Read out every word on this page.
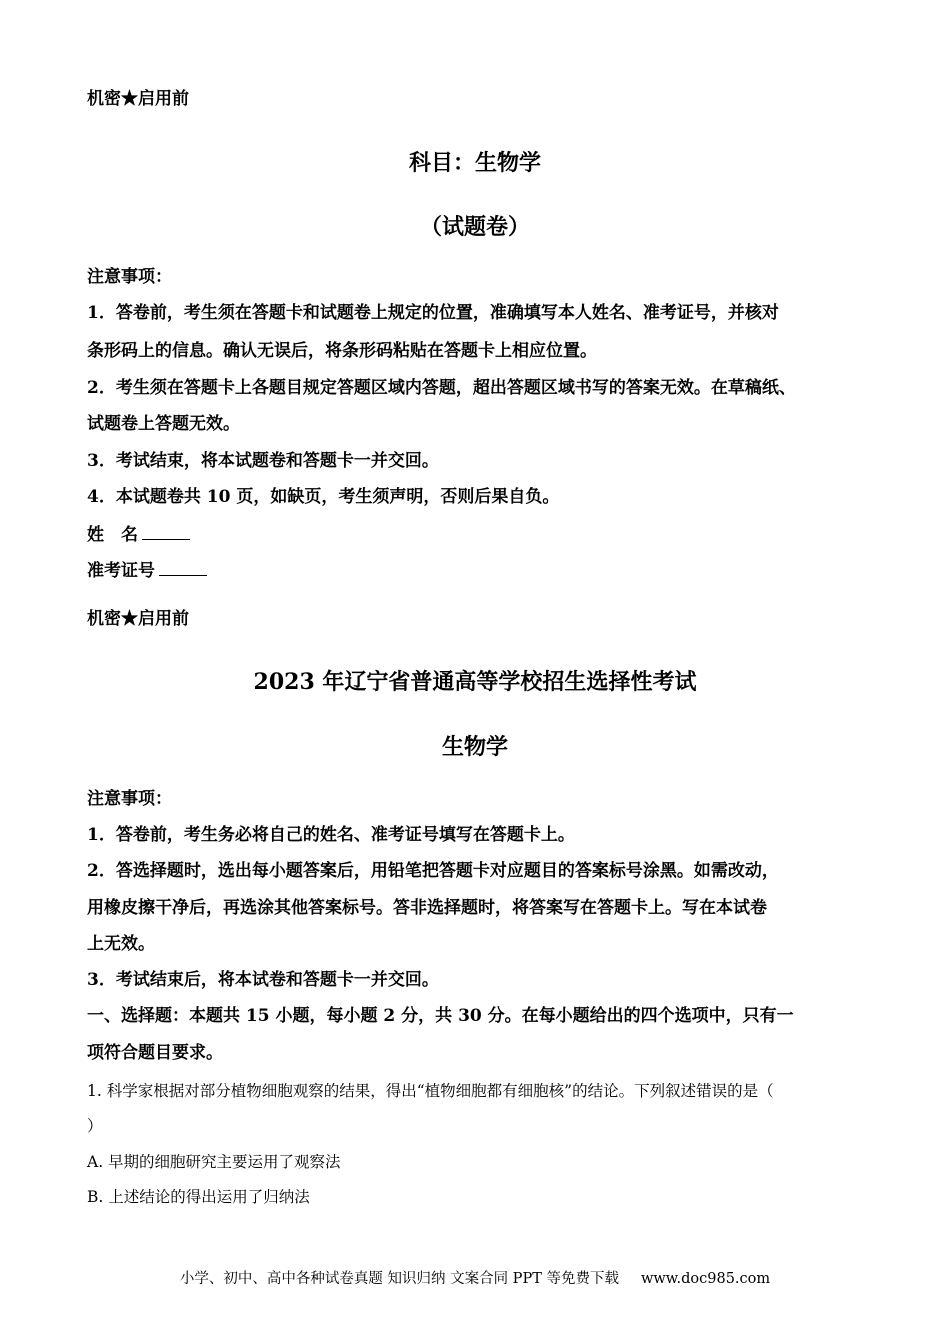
机密★启用前
科目：生物学
（试题卷）
注意事项：
1．答卷前，考生须在答题卡和试题卷上规定的位置，准确填写本人姓名、准考证号，并核对
条形码上的信息。确认无误后，将条形码粘贴在答题卡上相应位置。
2．考生须在答题卡上各题目规定答题区域内答题，超出答题区域书写的答案无效。在草稿纸、
试题卷上答题无效。
3．考试结束，将本试题卷和答题卡一并交回。
4．本试题卷共 10 页，如缺页，考生须声明，否则后果自负。
姓　名
准考证号
机密★启用前
2023 年辽宁省普通高等学校招生选择性考试
生物学
注意事项：
1．答卷前，考生务必将自己的姓名、准考证号填写在答题卡上。
2．答选择题时，选出每小题答案后，用铅笔把答题卡对应题目的答案标号涂黑。如需改动，
用橡皮擦干净后，再选涂其他答案标号。答非选择题时，将答案写在答题卡上。写在本试卷
上无效。
3．考试结束后，将本试卷和答题卡一并交回。
一、选择题：本题共 15 小题，每小题 2 分，共 30 分。在每小题给出的四个选项中，只有一
项符合题目要求。
1. 科学家根据对部分植物细胞观察的结果，得出“植物细胞都有细胞核”的结论。下列叙述错误的是（
）
A. 早期的细胞研究主要运用了观察法
B. 上述结论的得出运用了归纳法
小学、初中、高中各种试卷真题 知识归纳 文案合同 PPT 等免费下载 www.doc985.com
